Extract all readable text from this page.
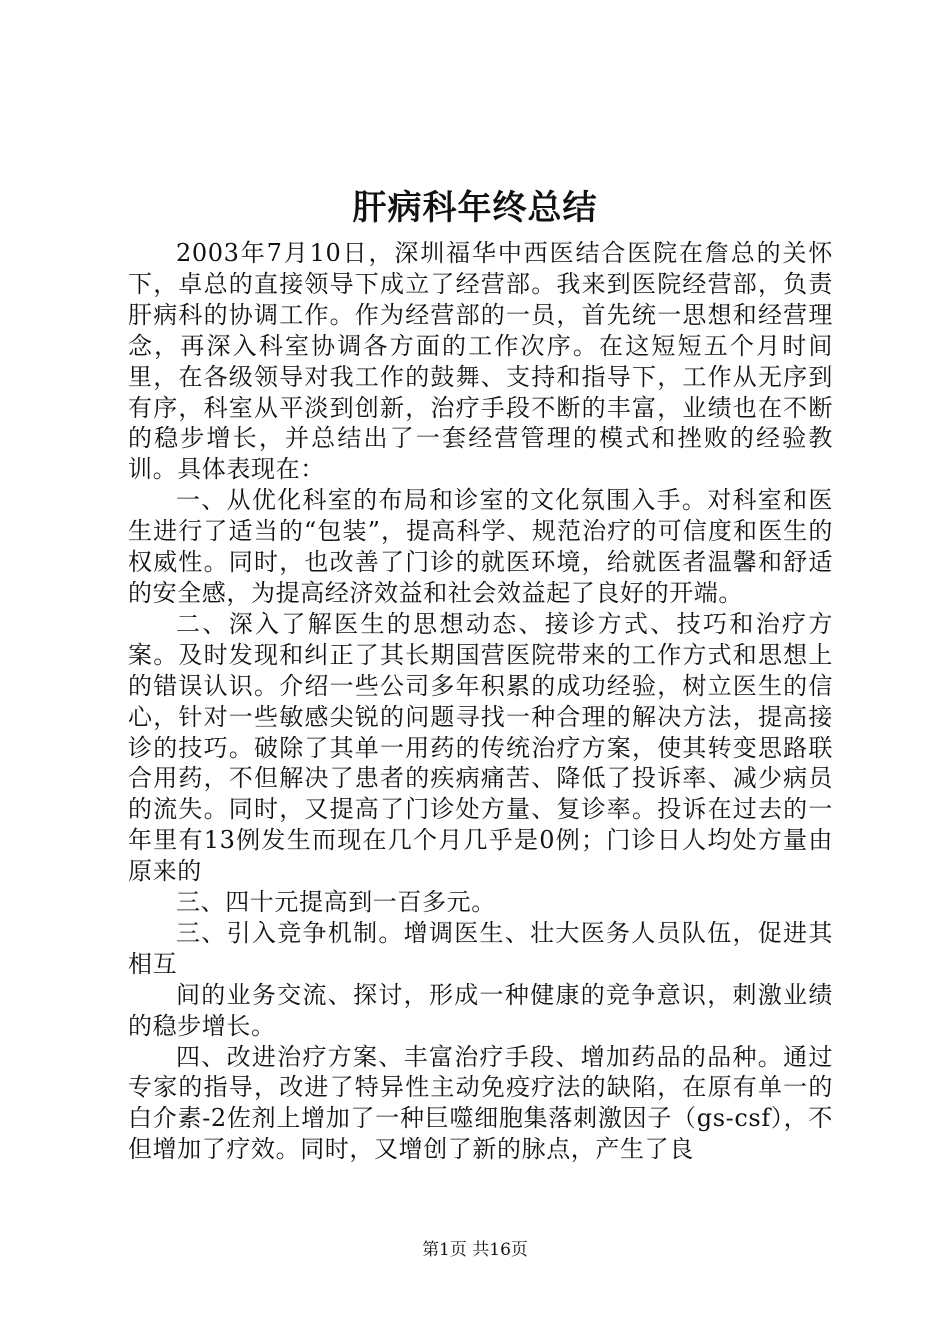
肝病科年终总结

2003年7月10日，深圳福华中西医结合医院在詹总的关怀下，卓总的直接领导下成立了经营部。我来到医院经营部，负责肝病科的协调工作。作为经营部的一员，首先统一思想和经营理念，再深入科室协调各方面的工作次序。在这短短五个月时间里，在各级领导对我工作的鼓舞、支持和指导下，工作从无序到有序，科室从平淡到创新，治疗手段不断的丰富，业绩也在不断的稳步增长，并总结出了一套经营管理的模式和挫败的经验教训。具体表现在：

一、从优化科室的布局和诊室的文化氛围入手。对科室和医生进行了适当的“包装”，提高科学、规范治疗的可信度和医生的权威性。同时，也改善了门诊的就医环境，给就医者温馨和舒适的安全感，为提高经济效益和社会效益起了良好的开端。

二、深入了解医生的思想动态、接诊方式、技巧和治疗方案。及时发现和纠正了其长期国营医院带来的工作方式和思想上的错误认识。介绍一些公司多年积累的成功经验，树立医生的信心，针对一些敏感尖锐的问题寻找一种合理的解决方法，提高接诊的技巧。破除了其单一用药的传统治疗方案，使其转变思路联合用药，不但解决了患者的疾病痛苦、降低了投诉率、减少病员的流失。同时，又提高了门诊处方量、复诊率。投诉在过去的一年里有13例发生而现在几个月几乎是0例；门诊日人均处方量由原来的

三、四十元提高到一百多元。

三、引入竞争机制。增调医生、壮大医务人员队伍，促进其相互

间的业务交流、探讨，形成一种健康的竞争意识，刺激业绩的稳步增长。

四、改进治疗方案、丰富治疗手段、增加药品的品种。通过专家的指导，改进了特异性主动免疫疗法的缺陷，在原有单一的白介素-2佐剂上增加了一种巨噬细胞集落刺激因子（gs-csf），不但增加了疗效。同时，又增创了新的脉点，产生了良

第1页 共16页
